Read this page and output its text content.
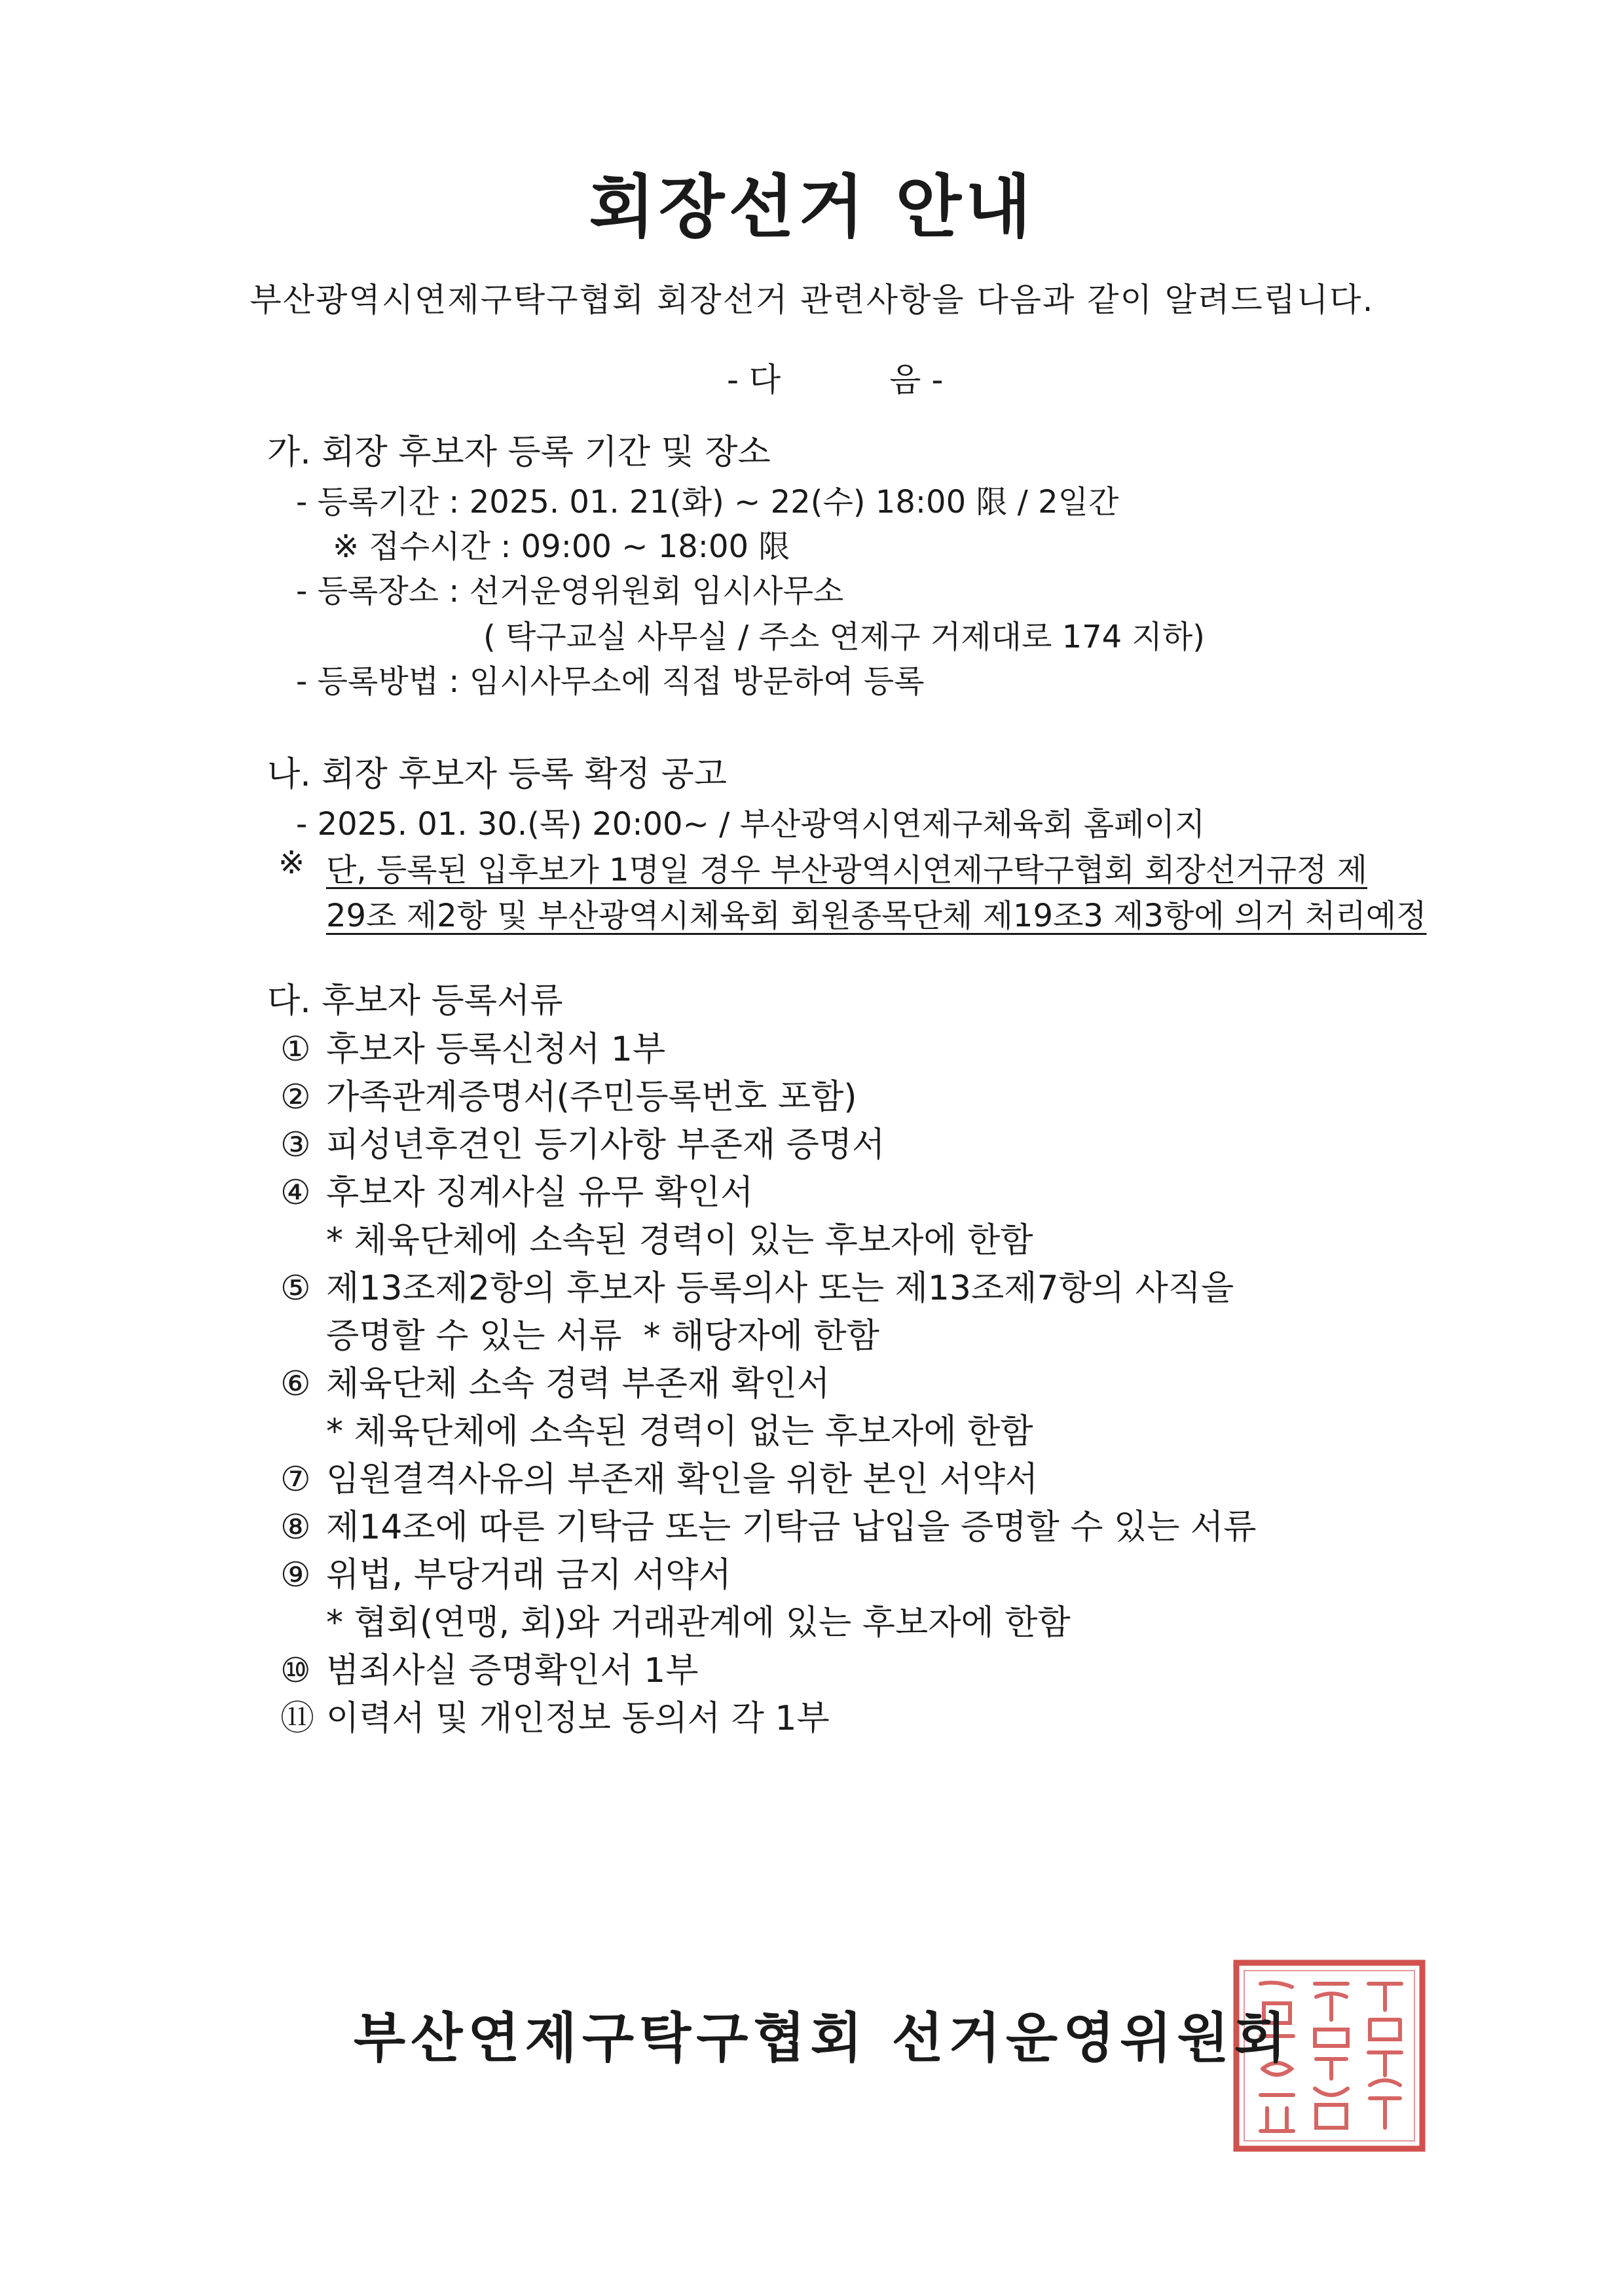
회장선거 안내
부산광역시연제구탁구협회 회장선거 관련사항을 다음과 같이 알려드립니다.
- 다	음 -
가. 회장 후보자 등록 기간 및 장소
- 등록기간 : 2025. 01. 21(화) ~ 22(수) 18:00 限 / 2일간
※ 접수시간 : 09:00 ~ 18:00 限
- 등록장소 : 선거운영위원회 임시사무소
( 탁구교실 사무실 / 주소 연제구 거제대로 174 지하)
- 등록방법 : 임시사무소에 직접 방문하여 등록
나. 회장 후보자 등록 확정 공고
- 2025. 01. 30.(목) 20:00~ / 부산광역시연제구체육회 홈페이지
※ 단, 등록된 입후보가 1명일 경우 부산광역시연제구탁구협회 회장선거규정 제
29조 제2항 및 부산광역시체육회 회원종목단체 제19조3 제3항에 의거 처리예정
다. 후보자 등록서류
① 후보자 등록신청서 1부
② 가족관계증명서(주민등록번호 포함)
③ 피성년후견인 등기사항 부존재 증명서
④ 후보자 징계사실 유무 확인서
* 체육단체에 소속된 경력이 있는 후보자에 한함
⑤ 제13조제2항의 후보자 등록의사 또는 제13조제7항의 사직을
증명할 수 있는 서류  * 해당자에 한함
⑥ 체육단체 소속 경력 부존재 확인서
* 체육단체에 소속된 경력이 없는 후보자에 한함
⑦ 임원결격사유의 부존재 확인을 위한 본인 서약서
⑧ 제14조에 따른 기탁금 또는 기탁금 납입을 증명할 수 있는 서류
⑨ 위법, 부당거래 금지 서약서
* 협회(연맹, 회)와 거래관계에 있는 후보자에 한함
⑩ 범죄사실 증명확인서 1부
⑪ 이력서 및 개인정보 동의서 각 1부
부산연제구탁구협회 선거운영위원회
